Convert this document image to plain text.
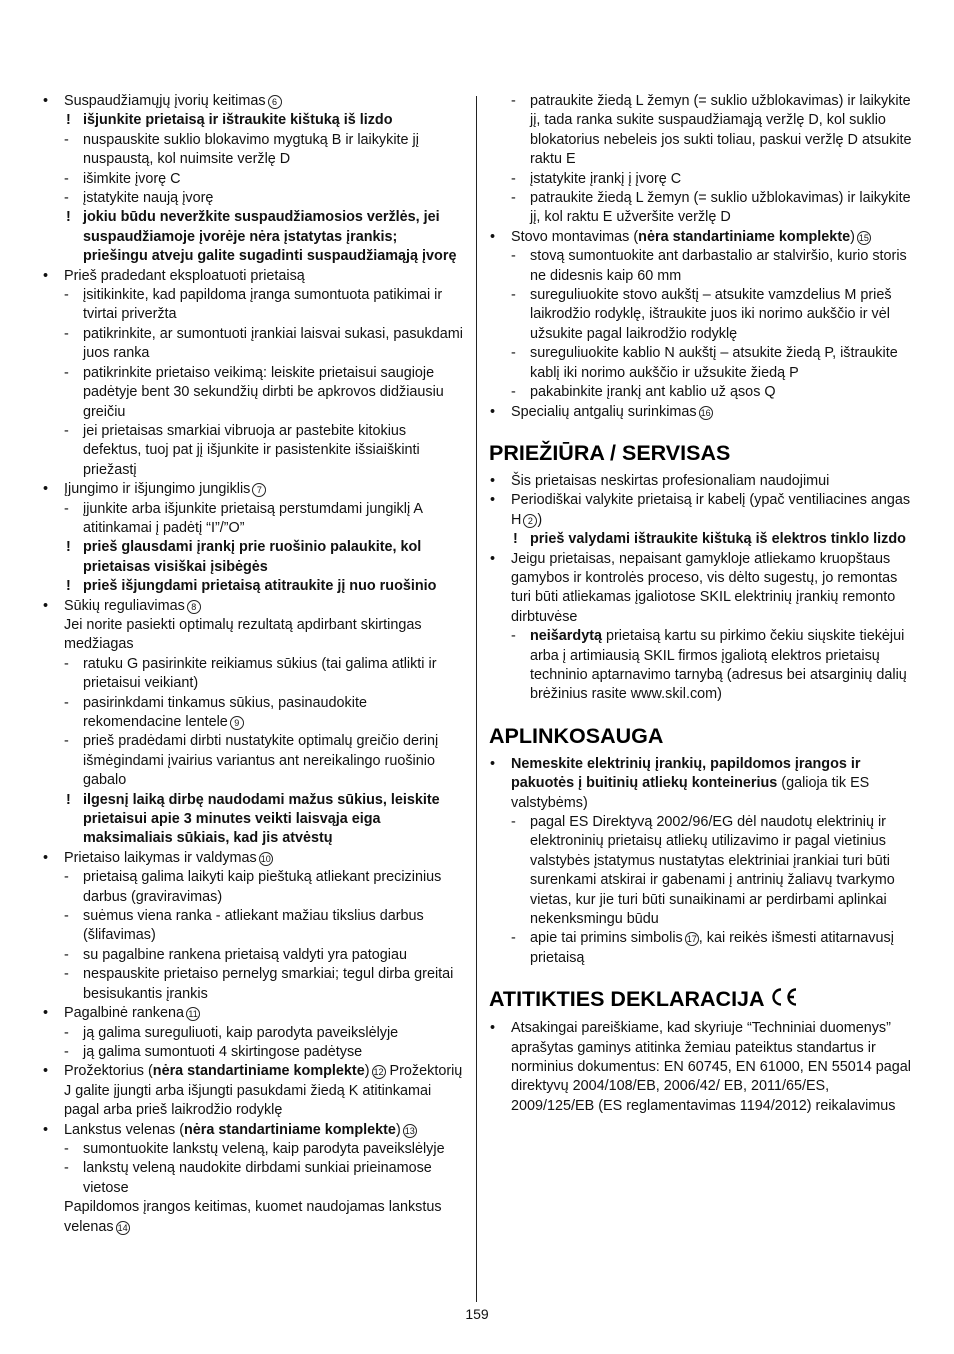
• Suspaudžiamųjų įvorių keitimas 6
! išjunkite prietaisą ir ištraukite kištuką iš lizdo
- nuspauskite suklio blokavimo mygtuką B ir laikykite jį nuspaustą, kol nuimsite veržlę D
- išimkite įvorę C
- įstatykite naują įvorę
! jokiu būdu neveržkite suspaudžiamosios veržlės, jei suspaudžiamoje įvorėje nėra įstatytas įrankis; priešingu atveju galite sugadinti suspaudžiamąją įvorę
• Prieš pradedant eksploatuoti prietaisą
- įsitikinkite, kad papildoma įranga sumontuota patikimai ir tvirtai priveržta
- patikrinkite, ar sumontuoti įrankiai laisvai sukasi, pasukdami juos ranka
- patikrinkite prietaiso veikimą: leiskite prietaisui saugioje padėtyje bent 30 sekundžių dirbti be apkrovos didžiausiu greičiu
- jei prietaisas smarkiai vibruoja ar pastebite kitokius defektus, tuoj pat jį išjunkite ir pasistenkite išsiaiškinti priežastį
• Įjungimo ir išjungimo jungiklis 7
- įjunkite arba išjunkite prietaisą perstumdami jungiklį A atitinkamai į padėtį “I”/”O”
! prieš glausdami įrankį prie ruošinio palaukite, kol prietaisas visiškai įsibėgės
! prieš išjungdami prietaisą atitraukite jį nuo ruošinio
• Sūkių reguliavimas 8
Jei norite pasiekti optimalų rezultatą apdirbant skirtingas medžiagas
- ratuku G pasirinkite reikiamus sūkius (tai galima atlikti ir prietaisui veikiant)
- pasirinkdami tinkamus sūkius, pasinaudokite rekomendacine lentele 9
- prieš pradėdami dirbti nustatykite optimalų greičio derinį išmėgindami įvairius variantus ant nereikalingo ruošinio gabalo
! ilgesnį laiką dirbę naudodami mažus sūkius, leiskite prietaisui apie 3 minutes veikti laisvąja eiga maksimaliais sūkiais, kad jis atvėstų
• Prietaiso laikymas ir valdymas 10
- prietaisą galima laikyti kaip pieštuką atliekant precizinius darbus (graviravimas)
- suėmus viena ranka - atliekant mažiau tikslius darbus (šlifavimas)
- su pagalbine rankena prietaisą valdyti yra patogiau
- nespauskite prietaiso pernelyg smarkiai; tegul dirba greitai besisukantis įrankis
• Pagalbinė rankena 11
- ją galima sureguliuoti, kaip parodyta paveikslėlyje
- ją galima sumontuoti 4 skirtingose padėtyse
• Prožektorius (nėra standartiniame komplekte) 12 Prožektorių J galite įjungti arba išjungti pasukdami žiedą K atitinkamai pagal arba prieš laikrodžio rodyklę
• Lankstus velenas (nėra standartiniame komplekte) 13
- sumontuokite lankstų veleną, kaip parodyta paveikslėlyje
- lankstų veleną naudokite dirbdami sunkiai prieinamose vietose
Papildomos įrangos keitimas, kuomet naudojamas lankstus velenas 14
- patraukite žiedą L žemyn (= suklio užblokavimas) ir laikykite jį, tada ranka sukite suspaudžiamąją veržlę D, kol suklio blokatorius nebeleis jos sukti toliau, paskui veržlę D atsukite raktu E
- įstatykite įrankį į įvorę C
- patraukite žiedą L žemyn (= suklio užblokavimas) ir laikykite jį, kol raktu E užveršite veržlę D
• Stovo montavimas (nėra standartiniame komplekte) 15
- stovą sumontuokite ant darbastalio ar stalviršio, kurio storis ne didesnis kaip 60 mm
- sureguliuokite stovo aukštį – atsukite vamzdelius M prieš laikrodžio rodyklę, ištraukite juos iki norimo aukščio ir vėl užsukite pagal laikrodžio rodyklę
- sureguliuokite kablio N aukštį – atsukite žiedą P, ištraukite kablį iki norimo aukščio ir užsukite žiedą P
- pakabinkite įrankį ant kablio už ąsos Q
• Specialių antgalių surinkimas 16
PRIEŽIŪRA / SERVISAS
• Šis prietaisas neskirtas profesionaliam naudojimui
• Periodiškai valykite prietaisą ir kabelį (ypač ventiliacines angas H 2 )
! prieš valydami ištraukite kištuką iš elektros tinklo lizdo
• Jeigu prietaisas, nepaisant gamykloje atliekamo kruopštaus gamybos ir kontrolės proceso, vis dėlto sugestų, jo remontas turi būti atliekamas įgaliotose SKIL elektrinių įrankių remonto dirbtuvėse
- neišardytą prietaisą kartu su pirkimo čekiu siųskite tiekėjui arba į artimiausią SKIL firmos įgaliotą elektros prietaisų techninio aptarnavimo tarnybą (adresus bei atsarginių dalių brėžinius rasite www.skil.com)
APLINKOSAUGA
• Nemeskite elektrinių įrankių, papildomos įrangos ir pakuotės į buitinių atliekų konteinerius (galioja tik ES valstybėms)
- pagal ES Direktyvą 2002/96/EG dėl naudotų elektrinių ir elektroninių prietaisų atliekų utilizavimo ir pagal vietinius valstybės įstatymus nustatytas elektriniai įrankiai turi būti surenkami atskirai ir gabenami į antrinių žaliavų tvarkymo vietas, kur jie turi būti sunaikinami ar perdirbami aplinkai nekenksmingu būdu
- apie tai primins simbolis 17 , kai reikės išmesti atitarnavusį prietaisą
ATITIKTIES DEKLARACIJA
• Atsakingai pareiškiame, kad skyriuje “Techniniai duomenys” aprašytas gaminys atitinka žemiau pateiktus standartus ir norminius dokumentus: EN 60745, EN 61000, EN 55014 pagal direktyvų 2004/108/EB, 2006/42/ EB, 2011/65/ES, 2009/125/EB (ES reglamentavimas 1194/2012) reikalavimus
159
